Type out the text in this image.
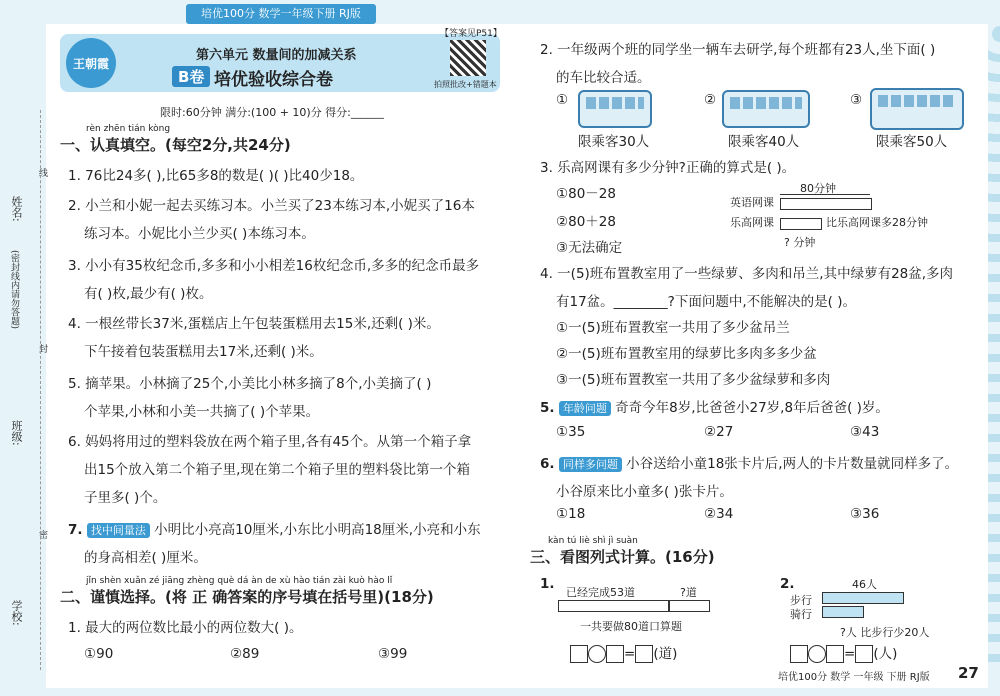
培优100分 数学一年级下册 RJ版
姓名:
(密封线内请勿答题)
班级:
学校:
线
封
密
王朝霞
第六单元 数量间的加减关系
B卷 培优验收综合卷
【答案见P51】
拍照批改+错题本
限时:60分钟 满分:(100 + 10)分 得分:______
rèn zhēn tián kòng
一、认真填空。(每空2分,共24分)
1. 76比24多( ),比65多8的数是( )( )比40少18。
2. 小兰和小妮一起去买练习本。小兰买了23本练习本,小妮买了16本
练习本。小妮比小兰少买( )本练习本。
3. 小小有35枚纪念币,多多和小小相差16枚纪念币,多多的纪念币最多
有( )枚,最少有( )枚。
4. 一根丝带长37米,蛋糕店上午包装蛋糕用去15米,还剩( )米。
下午接着包装蛋糕用去17米,还剩( )米。
5. 摘苹果。小林摘了25个,小美比小林多摘了8个,小美摘了( )
个苹果,小林和小美一共摘了( )个苹果。
6. 妈妈将用过的塑料袋放在两个箱子里,各有45个。从第一个箱子拿
出15个放入第二个箱子里,现在第二个箱子里的塑料袋比第一个箱
子里多( )个。
7. 找中间量法 小明比小亮高10厘米,小东比小明高18厘米,小亮和小东
的身高相差( )厘米。
jǐn shèn xuǎn zé jiāng zhèng què dá àn de xù hào tián zài kuò hào lǐ
二、谨慎选择。(将 正 确答案的序号填在括号里)(18分)
1. 最大的两位数比最小的两位数大( )。
①90	②89	③99
2. 一年级两个班的同学坐一辆车去研学,每个班都有23人,坐下面( )
的车比较合适。
①
限乘客30人
②
限乘客40人
③
限乘客50人
3. 乐高网课有多少分钟?正确的算式是( )。
①80－28
②80＋28
③无法确定
80分钟
英语网课
乐高网课	比乐高网课多28分钟
? 分钟
4. 一(5)班布置教室用了一些绿萝、多肉和吊兰,其中绿萝有28盆,多肉
有17盆。________?下面问题中,不能解决的是( )。
①一(5)班布置教室一共用了多少盆吊兰
②一(5)班布置教室用的绿萝比多肉多多少盆
③一(5)班布置教室一共用了多少盆绿萝和多肉
5. 年龄问题 奇奇今年8岁,比爸爸小27岁,8年后爸爸( )岁。
①35	②27	③43
6. 同样多问题 小谷送给小童18张卡片后,两人的卡片数量就同样多了。
小谷原来比小童多( )张卡片。
①18	②34	③36
kàn tú liè shì jì suàn
三、看图列式计算。(16分)
1.
已经完成53道	?道
一共要做80道口算题
= (道)
2.	46人
步行
骑行
?人 比步行少20人
= (人)
培优100分 数学 一年级 下册 RJ版 27
